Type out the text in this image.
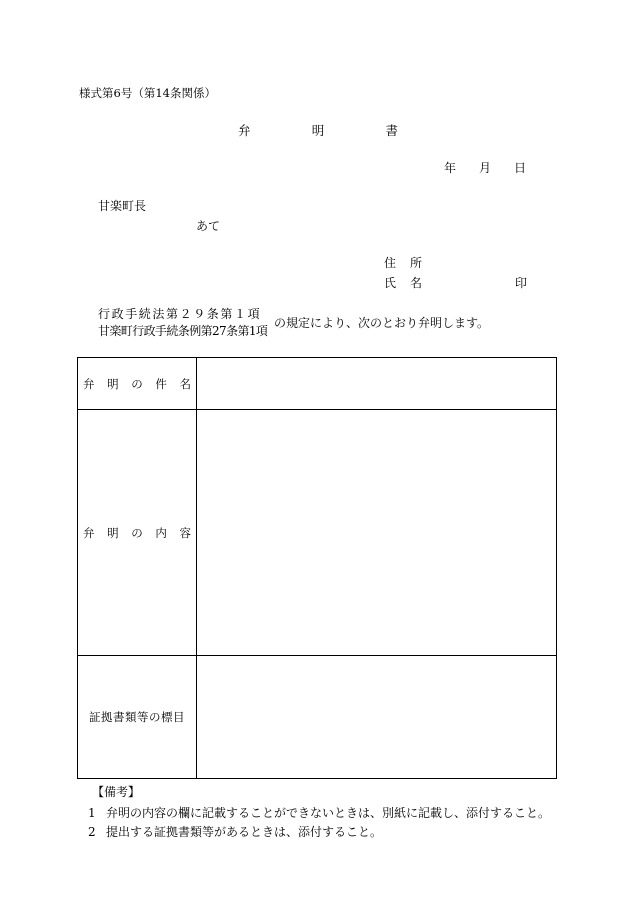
様式第6号（第14条関係）
弁	明	書
年 月 日
甘楽町長
あて
住 所
氏 名	印
行政手続法第２９条第１項
甘楽町行政手続条例第27条第1項
の規定により、次のとおり弁明します。
弁 明 の 件 名	

弁 明 の 内 容	

証拠書類等の標目	
【備考】
1 弁明の内容の欄に記載することができないときは、別紙に記載し、添付すること。
2 提出する証拠書類等があるときは、添付すること。
